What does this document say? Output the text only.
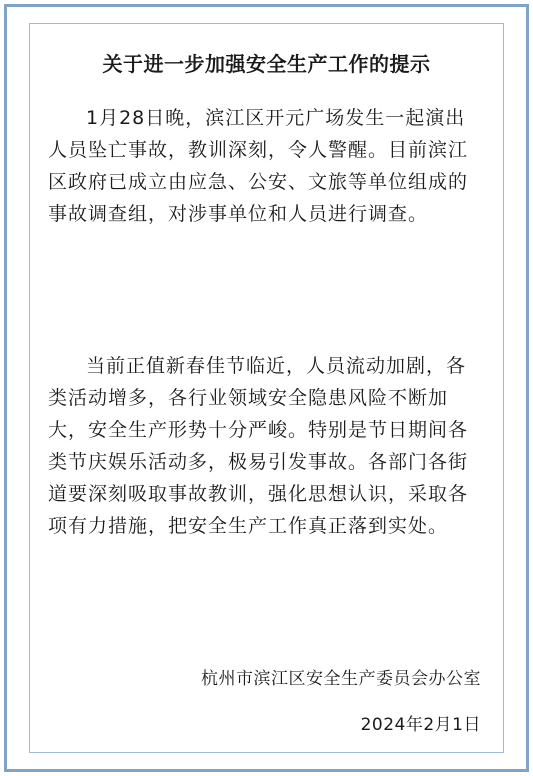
关于进一步加强安全生产工作的提示

1月28日晚，滨江区开元广场发生一起演出人员坠亡事故，教训深刻，令人警醒。目前滨江区政府已成立由应急、公安、文旅等单位组成的事故调查组，对涉事单位和人员进行调查。

当前正值新春佳节临近，人员流动加剧，各类活动增多，各行业领域安全隐患风险不断加大，安全生产形势十分严峻。特别是节日期间各类节庆娱乐活动多，极易引发事故。各部门各街道要深刻吸取事故教训，强化思想认识，采取各项有力措施，把安全生产工作真正落到实处。

杭州市滨江区安全生产委员会办公室
2024年2月1日
